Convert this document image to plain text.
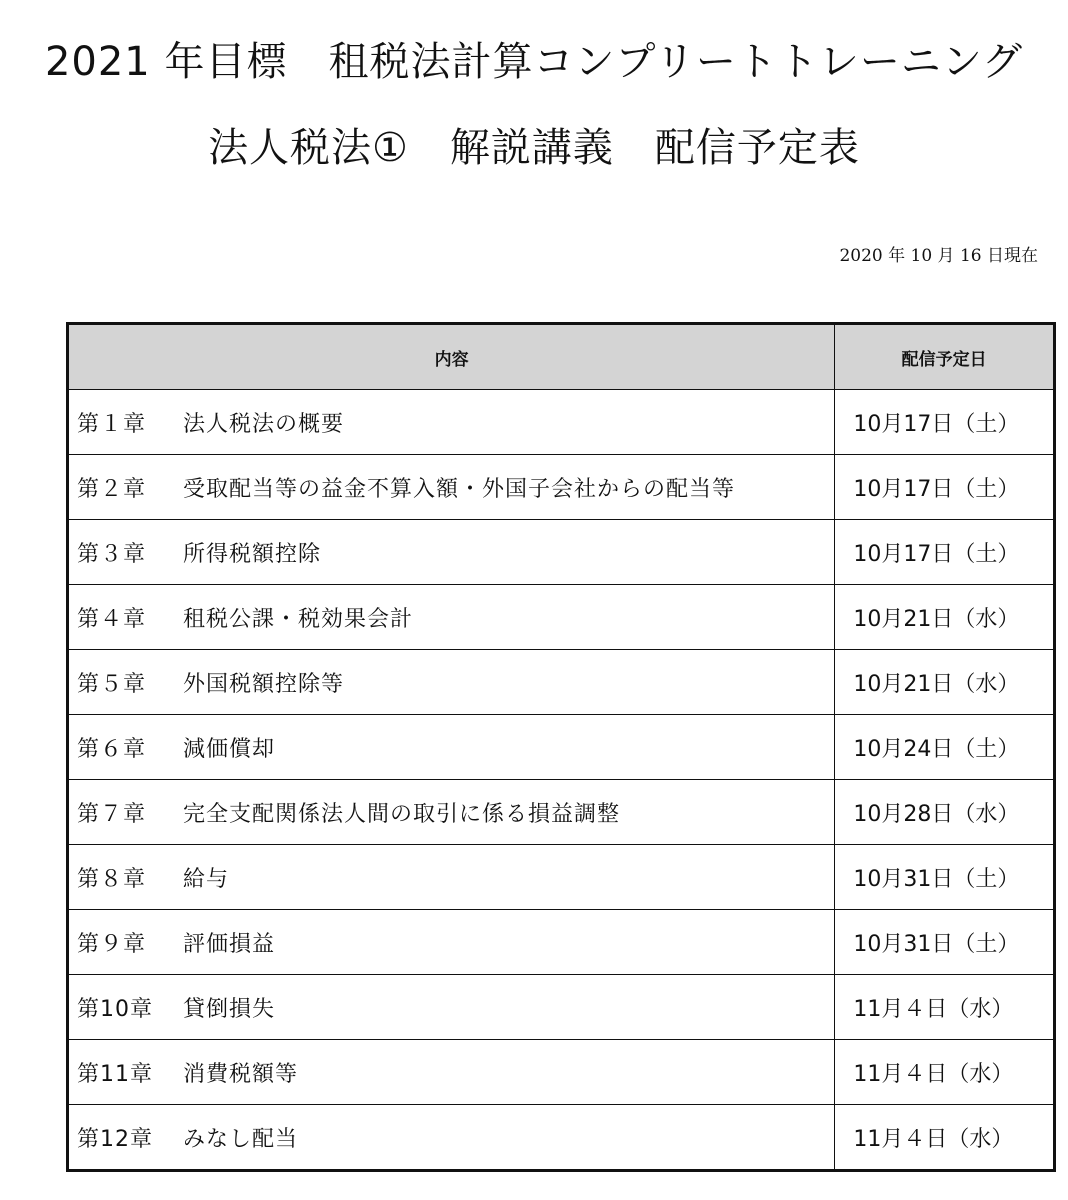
2021 年目標　租税法計算コンプリートトレーニング
法人税法①　解説講義　配信予定表
2020 年 10 月 16 日現在
内容	配信予定日
第１章 法人税法の概要	10月17日（土）
第２章 受取配当等の益金不算入額・外国子会社からの配当等	10月17日（土）
第３章 所得税額控除	10月17日（土）
第４章 租税公課・税効果会計	10月21日（水）
第５章 外国税額控除等	10月21日（水）
第６章 減価償却	10月24日（土）
第７章 完全支配関係法人間の取引に係る損益調整	10月28日（水）
第８章 給与	10月31日（土）
第９章 評価損益	10月31日（土）
第10章 貸倒損失	11月４日（水）
第11章 消費税額等	11月４日（水）
第12章 みなし配当	11月４日（水）
